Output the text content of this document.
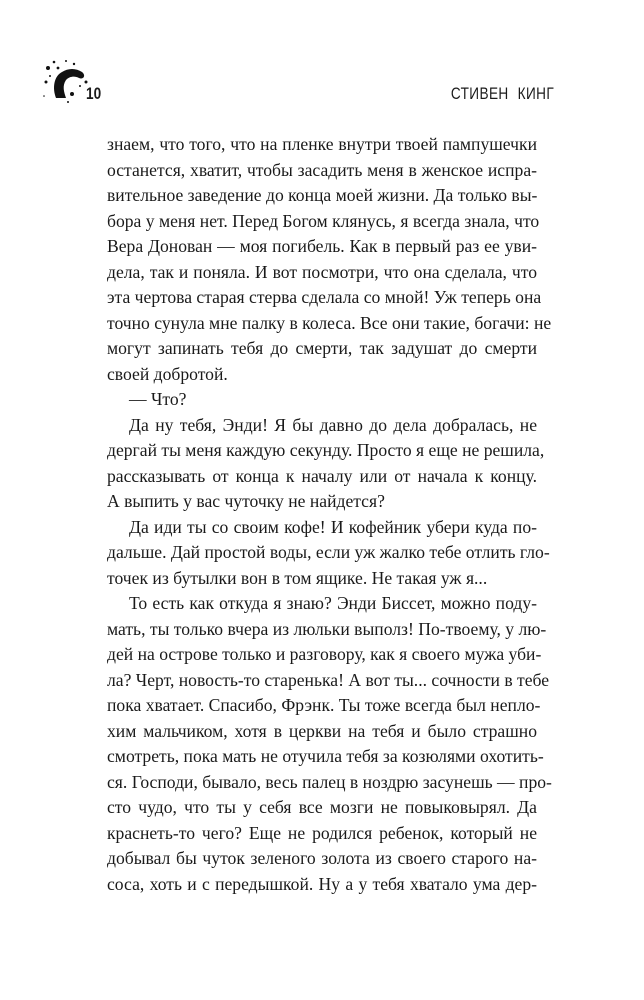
10	СТИВЕН КИНГ
знаем, что того, что на пленке внутри твоей пампушечки
останется, хватит, чтобы засадить меня в женское испра-
вительное заведение до конца моей жизни. Да только вы-
бора у меня нет. Перед Богом клянусь, я всегда знала, что
Вера Донован — моя погибель. Как в первый раз ее уви-
дела, так и поняла. И вот посмотри, что она сделала, что
эта чертова старая стерва сделала со мной! Уж теперь она
точно сунула мне палку в колеса. Все они такие, богачи: не
могут запинать тебя до смерти, так задушат до смерти
своей добротой.
— Что?
Да ну тебя, Энди! Я бы давно до дела добралась, не
дергай ты меня каждую секунду. Просто я еще не решила,
рассказывать от конца к началу или от начала к концу.
А выпить у вас чуточку не найдется?
Да иди ты со своим кофе! И кофейник убери куда по-
дальше. Дай простой воды, если уж жалко тебе отлить гло-
точек из бутылки вон в том ящике. Не такая уж я...
То есть как откуда я знаю? Энди Биссет, можно поду-
мать, ты только вчера из люльки выполз! По-твоему, у лю-
дей на острове только и разговору, как я своего мужа уби-
ла? Черт, новость-то старенька! А вот ты... сочности в тебе
пока хватает. Спасибо, Фрэнк. Ты тоже всегда был непло-
хим мальчиком, хотя в церкви на тебя и было страшно
смотреть, пока мать не отучила тебя за козюлями охотить-
ся. Господи, бывало, весь палец в ноздрю засунешь — про-
сто чудо, что ты у себя все мозги не повыковырял. Да
краснеть-то чего? Еще не родился ребенок, который не
добывал бы чуток зеленого золота из своего старого на-
соса, хоть и с передышкой. Ну а у тебя хватало ума дер-
